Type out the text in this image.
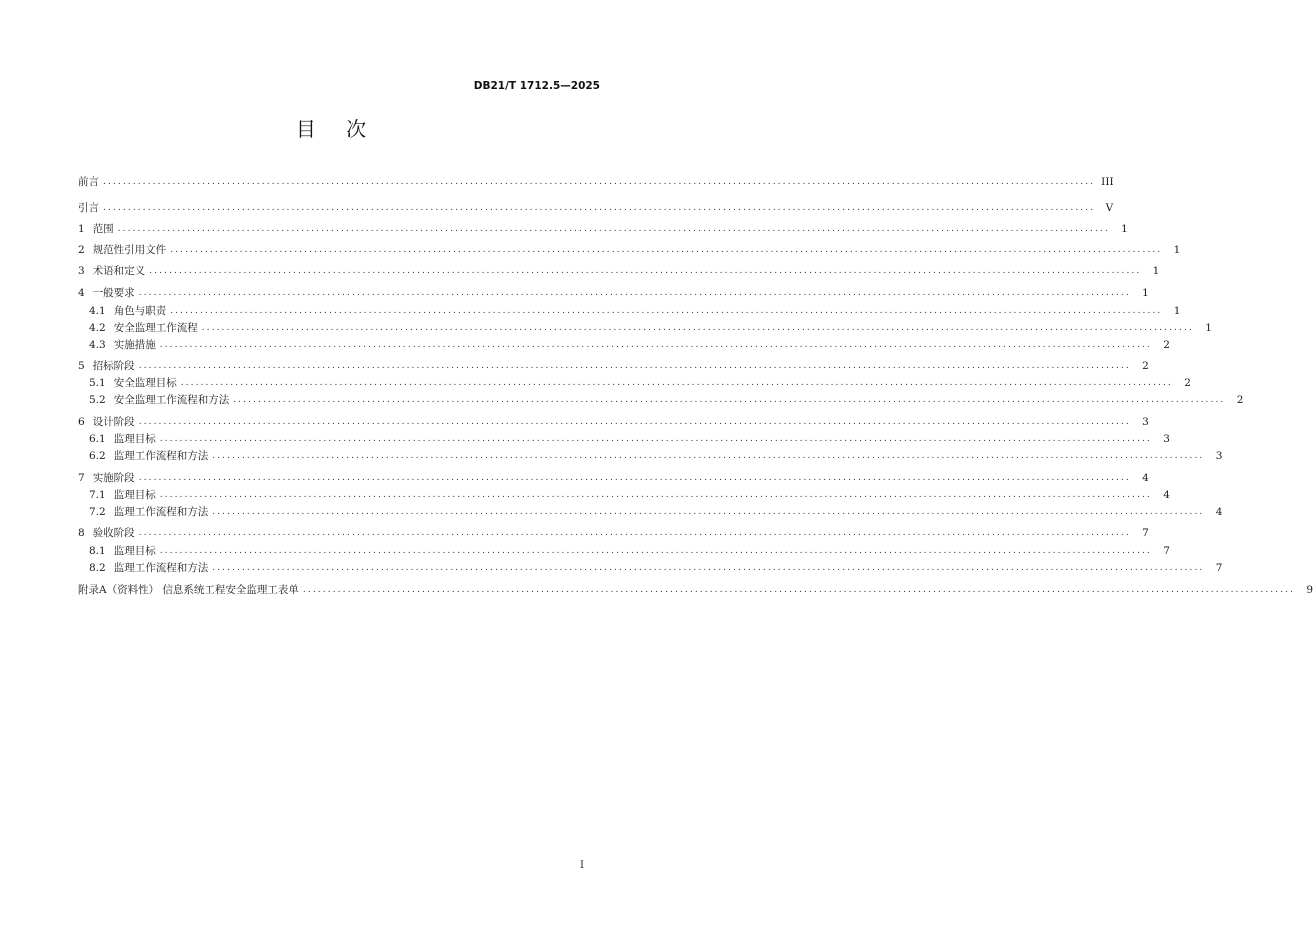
DB21/T 1712.5—2025
目 次
前言 ........................................................................................................................................................................................................ III
引言 ........................................................................................................................................................................................................ V
1 范围 ........................................................................................................................................................................................................	1
2 规范性引用文件 ........................................................................................................................................................................................................	1
3 术语和定义 ........................................................................................................................................................................................................	1
4 一般要求 ........................................................................................................................................................................................................	1
4.1 角色与职责 ........................................................................................................................................................................................................	1
4.2 安全监理工作流程 ........................................................................................................................................................................................................	1
4.3 实施措施 ........................................................................................................................................................................................................	2
5 招标阶段 ........................................................................................................................................................................................................	2
5.1 安全监理目标 ........................................................................................................................................................................................................	2
5.2 安全监理工作流程和方法 ........................................................................................................................................................................................................	2
6 设计阶段 ........................................................................................................................................................................................................	3
6.1 监理目标 ........................................................................................................................................................................................................	3
6.2 监理工作流程和方法 ........................................................................................................................................................................................................	3
7 实施阶段 ........................................................................................................................................................................................................	4
7.1 监理目标 ........................................................................................................................................................................................................	4
7.2 监理工作流程和方法 ........................................................................................................................................................................................................	4
8 验收阶段 ........................................................................................................................................................................................................	7
8.1 监理目标 ........................................................................................................................................................................................................	7
8.2 监理工作流程和方法 ........................................................................................................................................................................................................	7
附录A（资料性） 信息系统工程安全监理工表单 ........................................................................................................................................................................................................	9
I
